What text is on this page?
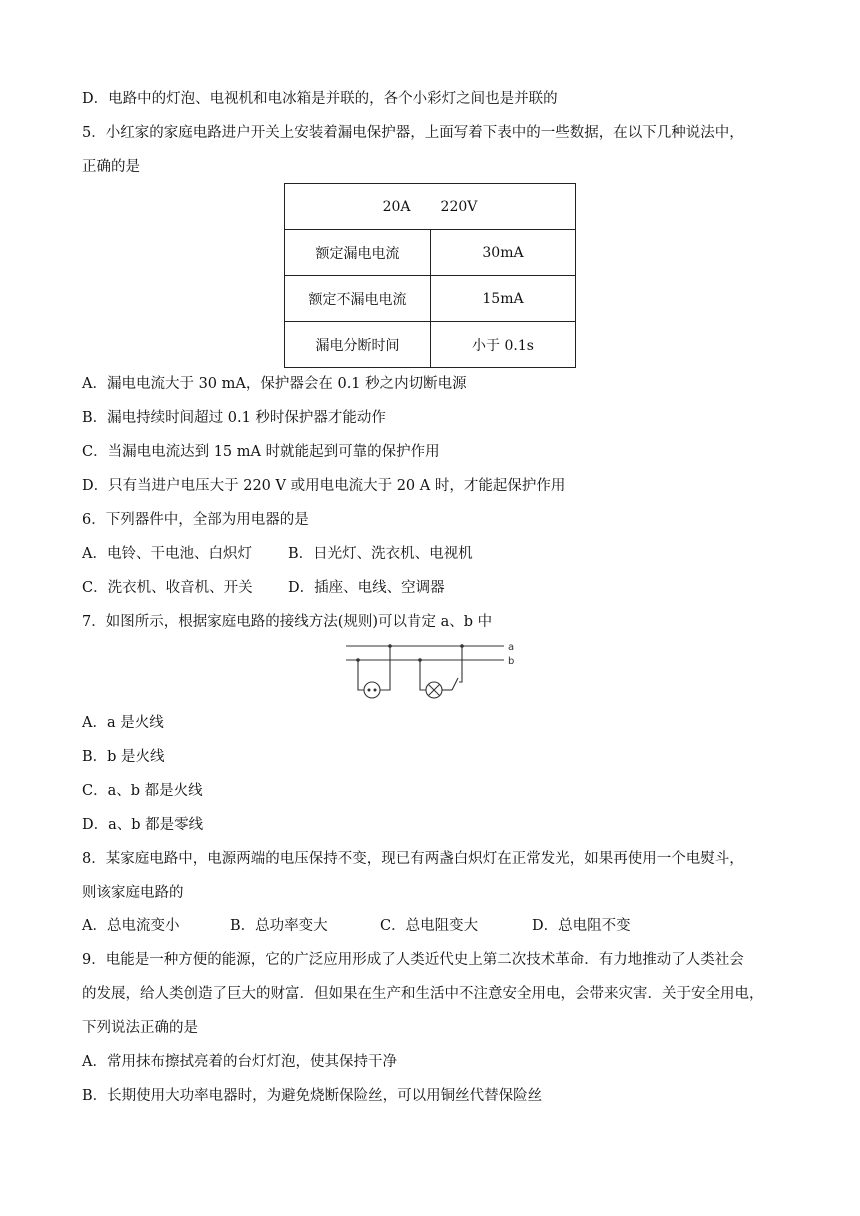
D．电路中的灯泡、电视机和电冰箱是并联的，各个小彩灯之间也是并联的
5．小红家的家庭电路进户开关上安装着漏电保护器，上面写着下表中的一些数据，在以下几种说法中，
正确的是
20A 220V	
额定漏电电流	30mA
额定不漏电电流	15mA
漏电分断时间	小于 0.1s
A．漏电电流大于 30 mA，保护器会在 0.1 秒之内切断电源
B．漏电持续时间超过 0.1 秒时保护器才能动作
C．当漏电电流达到 15 mA 时就能起到可靠的保护作用
D．只有当进户电压大于 220 V 或用电电流大于 20 A 时，才能起保护作用
6．下列器件中，全部为用电器的是
A．电铃、干电池、白炽灯 B．日光灯、洗衣机、电视机
C．洗衣机、收音机、开关 D．插座、电线、空调器
7．如图所示，根据家庭电路的接线方法(规则)可以肯定 a、b 中
a
b
A．a 是火线
B．b 是火线
C．a、b 都是火线
D．a、b 都是零线
8．某家庭电路中，电源两端的电压保持不变，现已有两盏白炽灯在正常发光，如果再使用一个电熨斗，
则该家庭电路的
A．总电流变小	B．总功率变大	C．总电阻变大	D．总电阻不变
9．电能是一种方便的能源，它的广泛应用形成了人类近代史上第二次技术革命．有力地推动了人类社会
的发展，给人类创造了巨大的财富．但如果在生产和生活中不注意安全用电，会带来灾害．关于安全用电，
下列说法正确的是
A．常用抹布擦拭亮着的台灯灯泡，使其保持干净
B．长期使用大功率电器时，为避免烧断保险丝，可以用铜丝代替保险丝
